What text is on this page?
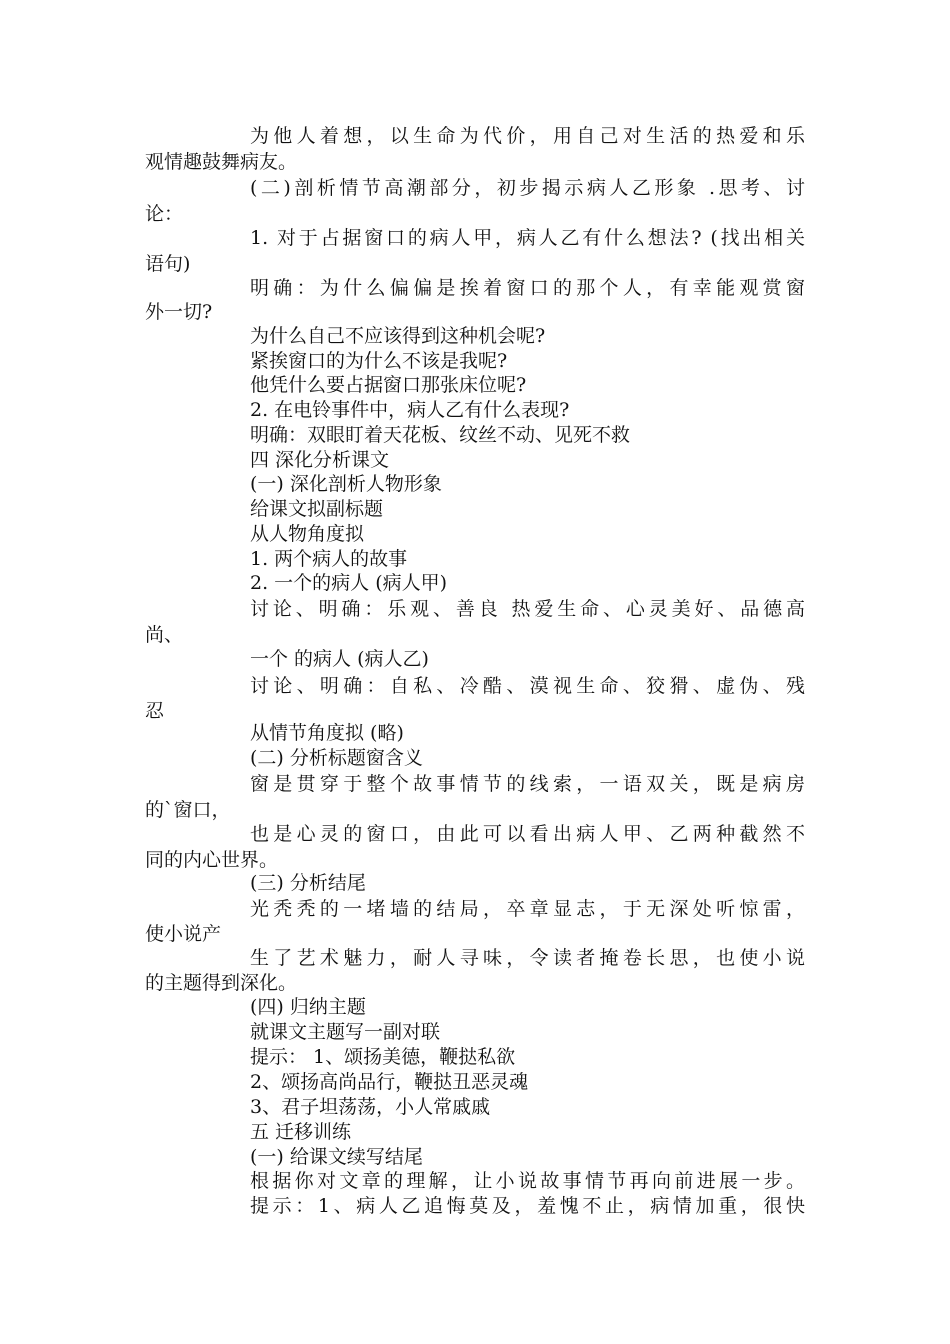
为他人着想，以生命为代价，用自己对生活的热爱和乐

观情趣鼓舞病友。

(二)剖析情节高潮部分，初步揭示病人乙形象 .思考、讨

论：

1. 对于占据窗口的病人甲，病人乙有什么想法? (找出相关

语句)

明确：为什么偏偏是挨着窗口的那个人，有幸能观赏窗

外一切?

为什么自己不应该得到这种机会呢?

紧挨窗口的为什么不该是我呢?

他凭什么要占据窗口那张床位呢?

2. 在电铃事件中，病人乙有什么表现?

明确：双眼盯着天花板、纹丝不动、见死不救

四 深化分析课文

(一) 深化剖析人物形象

给课文拟副标题

从人物角度拟

1. 两个病人的故事

2. 一个的病人 (病人甲)

讨论、明确：乐观、善良 热爱生命、心灵美好、品德高

尚、

一个 的病人 (病人乙)

讨论、明确：自私、冷酷、漠视生命、狡猾、虚伪、残

忍

从情节角度拟 (略)

(二) 分析标题窗含义

窗是贯穿于整个故事情节的线索，一语双关，既是病房

的`窗口，

也是心灵的窗口，由此可以看出病人甲、乙两种截然不

同的内心世界。

(三) 分析结尾

光秃秃的一堵墙的结局，卒章显志，于无深处听惊雷，

使小说产

生了艺术魅力，耐人寻味，令读者掩卷长思，也使小说

的主题得到深化。

(四) 归纳主题

就课文主题写一副对联

提示： 1、颂扬美德，鞭挞私欲

2、颂扬高尚品行，鞭挞丑恶灵魂

3、君子坦荡荡，小人常戚戚

五 迁移训练

(一) 给课文续写结尾

根据你对文章的理解，让小说故事情节再向前进展一步。

提示：1、病人乙追悔莫及，羞愧不止，病情加重，很快
